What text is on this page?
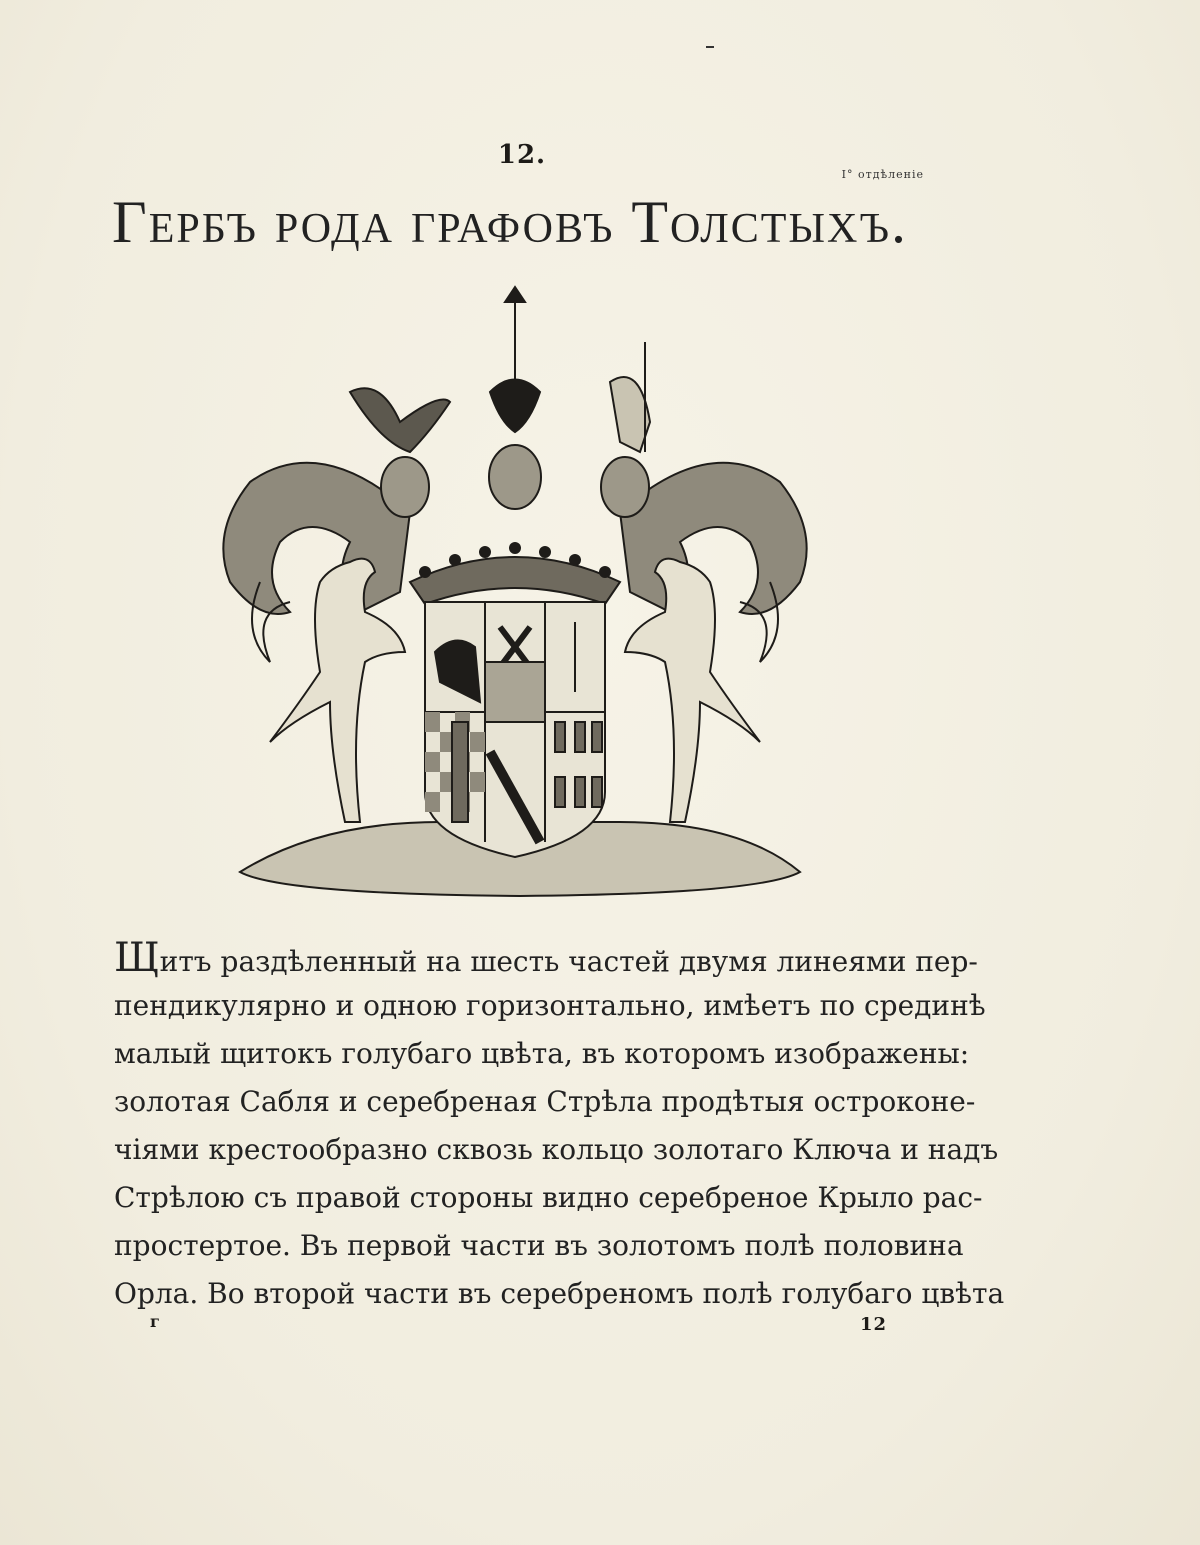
12.
I° отдѣленiе
Гербъ рода графовъ Толстыхъ.
Щитъ раздѣленный на шесть частей двумя линеями пер-
пендикулярно и одною горизонтально, имѣетъ по срединѣ
малый щитокъ голубаго цвѣта, въ которомъ изображены:
золотая Сабля и серебреная Стрѣла продѣтыя остроконе-
чiями крестообразно сквозь кольцо золотаго Ключа и надъ
Стрѣлою съ правой стороны видно серебреное Крыло рас-
простертое. Въ первой части въ золотомъ полѣ половина
Орла. Во второй части въ серебреномъ полѣ голубаго цвѣта
г	12
